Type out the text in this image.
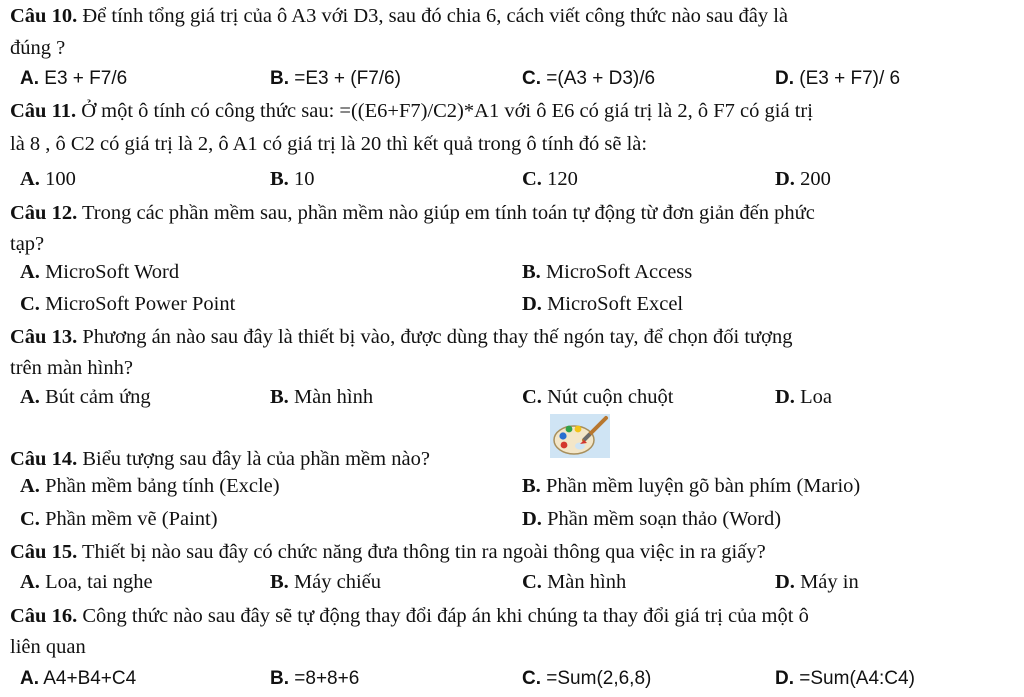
Câu 10. Để tính tổng giá trị của ô A3 với D3, sau đó chia 6, cách viết công thức nào sau đây là
đúng ?
A. E3 + F7/6	B. =E3 + (F7/6)	C. =(A3 + D3)/6	D. (E3 + F7)/ 6
Câu 11. Ở một ô tính có công thức sau: =((E6+F7)/C2)*A1 với ô E6 có giá trị là 2, ô F7 có giá trị
là 8 , ô C2 có giá trị là 2, ô A1 có giá trị là 20 thì kết quả trong ô tính đó sẽ là:
A. 100	B. 10	C. 120	D. 200
Câu 12. Trong các phần mềm sau, phần mềm nào giúp em tính toán tự động từ đơn giản đến phức
tạp?
A. MicroSoft Word	B. MicroSoft Access
C. MicroSoft Power Point	D. MicroSoft Excel
Câu 13. Phương án nào sau đây là thiết bị vào, được dùng thay thế ngón tay, để chọn đối tượng
trên màn hình?
A. Bút cảm ứng	B. Màn hình	C. Nút cuộn chuột	D. Loa
Câu 14. Biểu tượng sau đây là của phần mềm nào?
A. Phần mềm bảng tính (Excle)	B. Phần mềm luyện gõ bàn phím (Mario)
C. Phần mềm vẽ (Paint)	D. Phần mềm soạn thảo (Word)
Câu 15. Thiết bị nào sau đây có chức năng đưa thông tin ra ngoài thông qua việc in ra giấy?
A. Loa, tai nghe	B. Máy chiếu	C. Màn hình	D. Máy in
Câu 16. Công thức nào sau đây sẽ tự động thay đổi đáp án khi chúng ta thay đổi giá trị của một ô
liên quan
A. A4+B4+C4	B. =8+8+6	C. =Sum(2,6,8)	D. =Sum(A4:C4)
